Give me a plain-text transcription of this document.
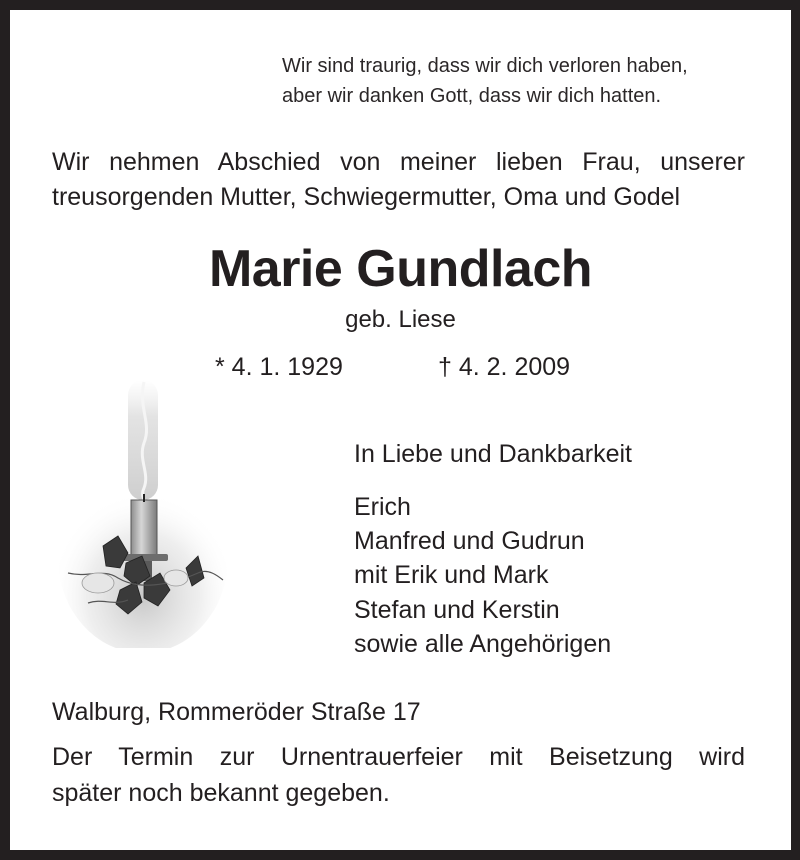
Wir sind traurig, dass wir dich verloren haben,
aber wir danken Gott, dass wir dich hatten.
Wir nehmen Abschied von meiner lieben Frau, unserer
treusorgenden Mutter, Schwiegermutter, Oma und Godel
Marie Gundlach
geb. Liese
* 4. 1. 1929	† 4. 2. 2009
In Liebe und Dankbarkeit
Erich
Manfred und Gudrun
mit Erik und Mark
Stefan und Kerstin
sowie alle Angehörigen
Walburg, Rommeröder Straße 17
Der Termin zur Urnentrauerfeier mit Beisetzung wird
später noch bekannt gegeben.
